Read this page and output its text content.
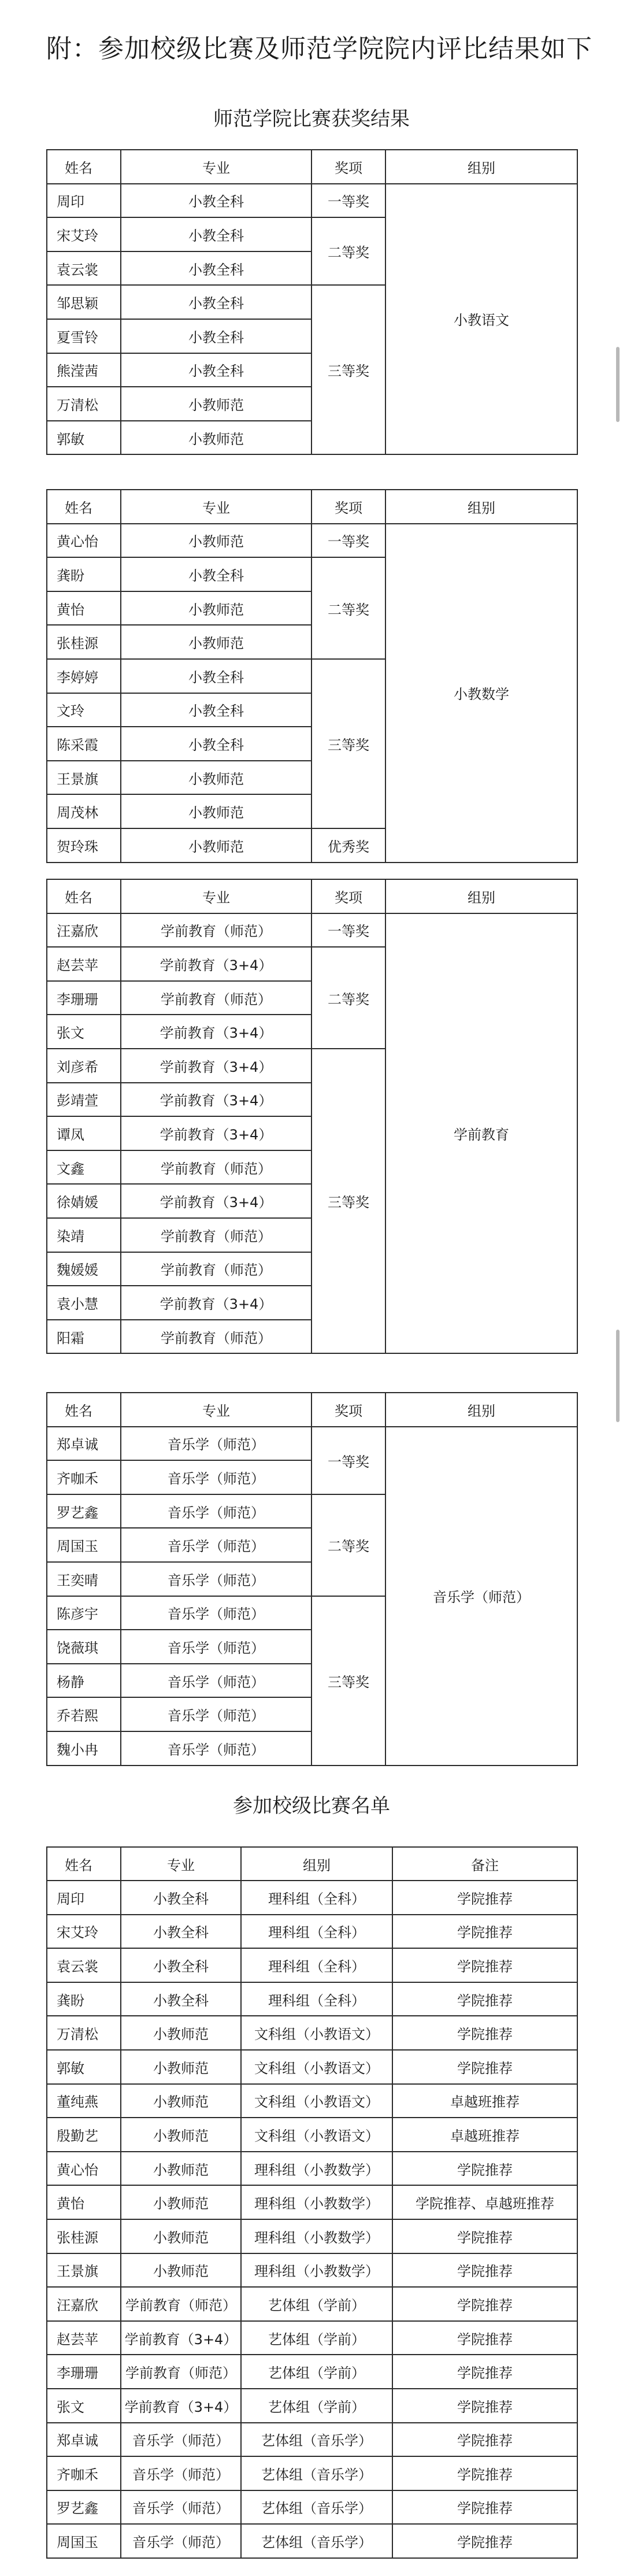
附：参加校级比赛及师范学院院内评比结果如下
师范学院比赛获奖结果
姓名	专业	奖项	组别
周印	小教全科	一等奖	小教语文
宋艾玲	小教全科	二等奖	
袁云裳	小教全科		
邹思颖	小教全科	三等奖	
夏雪铃	小教全科		
熊滢茜	小教全科		
万清松	小教师范		
郭敏	小教师范		
姓名	专业	奖项	组别
黄心怡	小教师范	一等奖	小教数学
龚盼	小教全科	二等奖	
黄怡	小教师范		
张桂源	小教师范		
李婷婷	小教全科	三等奖	
文玲	小教全科		
陈采霞	小教全科		
王景旗	小教师范		
周茂林	小教师范		
贺玲珠	小教师范	优秀奖	
姓名	专业	奖项	组别
汪嘉欣	学前教育（师范）	一等奖	学前教育
赵芸苹	学前教育（3+4）	二等奖	
李珊珊	学前教育（师范）		
张文	学前教育（3+4）		
刘彦希	学前教育（3+4）	三等奖	
彭靖萱	学前教育（3+4）		
谭凤	学前教育（3+4）		
文鑫	学前教育（师范）		
徐婧媛	学前教育（3+4）		
染靖	学前教育（师范）		
魏媛媛	学前教育（师范）		
袁小慧	学前教育（3+4）		
阳霜	学前教育（师范）		
姓名	专业	奖项	组别
郑卓诚	音乐学（师范）	一等奖	音乐学（师范）
齐咖禾	音乐学（师范）		
罗艺鑫	音乐学（师范）	二等奖	
周国玉	音乐学（师范）		
王奕晴	音乐学（师范）		
陈彦宇	音乐学（师范）	三等奖	
饶薇琪	音乐学（师范）		
杨静	音乐学（师范）		
乔若熙	音乐学（师范）		
魏小冉	音乐学（师范）		
参加校级比赛名单
姓名	专业	组别	备注
周印	小教全科	理科组（全科）	学院推荐
宋艾玲	小教全科	理科组（全科）	学院推荐
袁云裳	小教全科	理科组（全科）	学院推荐
龚盼	小教全科	理科组（全科）	学院推荐
万清松	小教师范	文科组（小教语文）	学院推荐
郭敏	小教师范	文科组（小教语文）	学院推荐
董纯燕	小教师范	文科组（小教语文）	卓越班推荐
殷勤艺	小教师范	文科组（小教语文）	卓越班推荐
黄心怡	小教师范	理科组（小教数学）	学院推荐
黄怡	小教师范	理科组（小教数学）	学院推荐、卓越班推荐
张桂源	小教师范	理科组（小教数学）	学院推荐
王景旗	小教师范	理科组（小教数学）	学院推荐
汪嘉欣	学前教育（师范）	艺体组（学前）	学院推荐
赵芸苹	学前教育（3+4）	艺体组（学前）	学院推荐
李珊珊	学前教育（师范）	艺体组（学前）	学院推荐
张文	学前教育（3+4）	艺体组（学前）	学院推荐
郑卓诚	音乐学（师范）	艺体组（音乐学）	学院推荐
齐咖禾	音乐学（师范）	艺体组（音乐学）	学院推荐
罗艺鑫	音乐学（师范）	艺体组（音乐学）	学院推荐
周国玉	音乐学（师范）	艺体组（音乐学）	学院推荐
